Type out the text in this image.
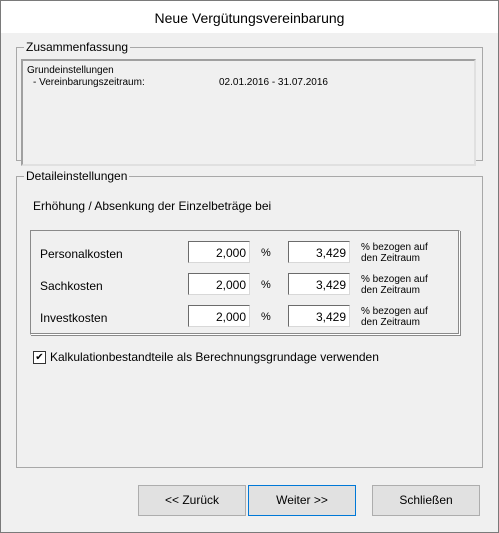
Neue Vergütungsvereinbarung
Zusammenfassung
Grundeinstellungen
- Vereinbarungszeitraum:	02.01.2016 - 31.07.2016
Detaileinstellungen
Erhöhung / Absenkung der Einzelbeträge bei
Personalkosten	2,000	%	3,429	% bezogen auf
den Zeitraum
Sachkosten	2,000	%	3,429	% bezogen auf
den Zeitraum
Investkosten	2,000	%	3,429	% bezogen auf
den Zeitraum
✔ Kalkulationbestandteile als Berechnungsgrundage verwenden
<< Zurück	Weiter >>	Schließen
